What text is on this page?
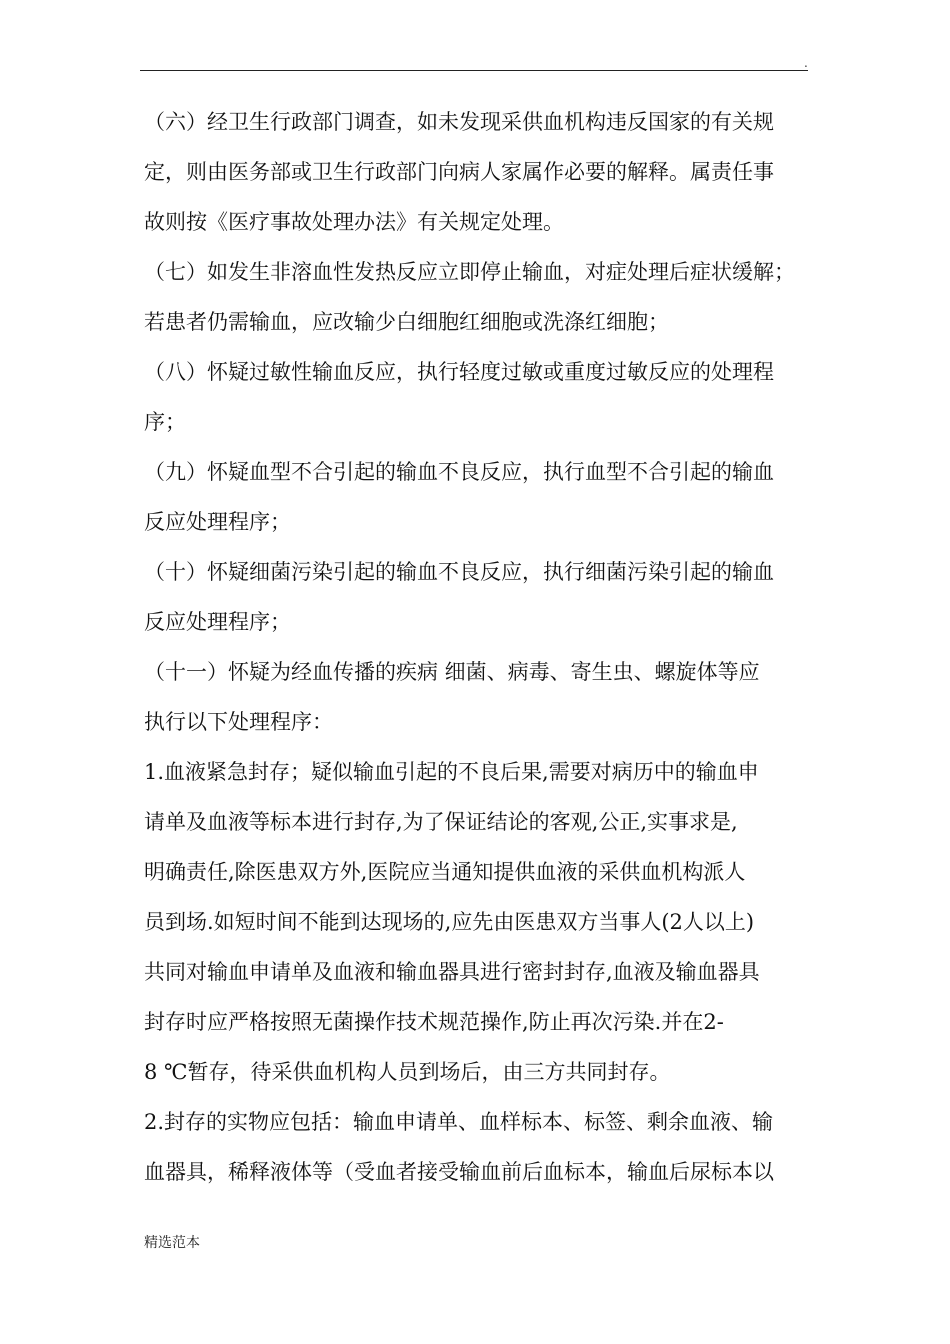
.
（六）经卫生行政部门调查，如未发现采供血机构违反国家的有关规
定，则由医务部或卫生行政部门向病人家属作必要的解释。属责任事
故则按《医疗事故处理办法》有关规定处理。
（七）如发生非溶血性发热反应立即停止输血，对症处理后症状缓解；
若患者仍需输血，应改输少白细胞红细胞或洗涤红细胞；
（八）怀疑过敏性输血反应，执行轻度过敏或重度过敏反应的处理程
序；
（九）怀疑血型不合引起的输血不良反应，执行血型不合引起的输血
反应处理程序；
（十）怀疑细菌污染引起的输血不良反应，执行细菌污染引起的输血
反应处理程序；
（十一）怀疑为经血传播的疾病 细菌、病毒、寄生虫、螺旋体等应
执行以下处理程序：
1.血液紧急封存；疑似输血引起的不良后果,需要对病历中的输血申
请单及血液等标本进行封存,为了保证结论的客观,公正,实事求是,
明确责任,除医患双方外,医院应当通知提供血液的采供血机构派人
员到场.如短时间不能到达现场的,应先由医患双方当事人(2人以上)
共同对输血申请单及血液和输血器具进行密封封存,血液及输血器具
封存时应严格按照无菌操作技术规范操作,防止再次污染.并在2-
8 ℃暂存，待采供血机构人员到场后，由三方共同封存。
2.封存的实物应包括：输血申请单、血样标本、标签、剩余血液、输
血器具，稀释液体等（受血者接受输血前后血标本，输血后尿标本以
精选范本
